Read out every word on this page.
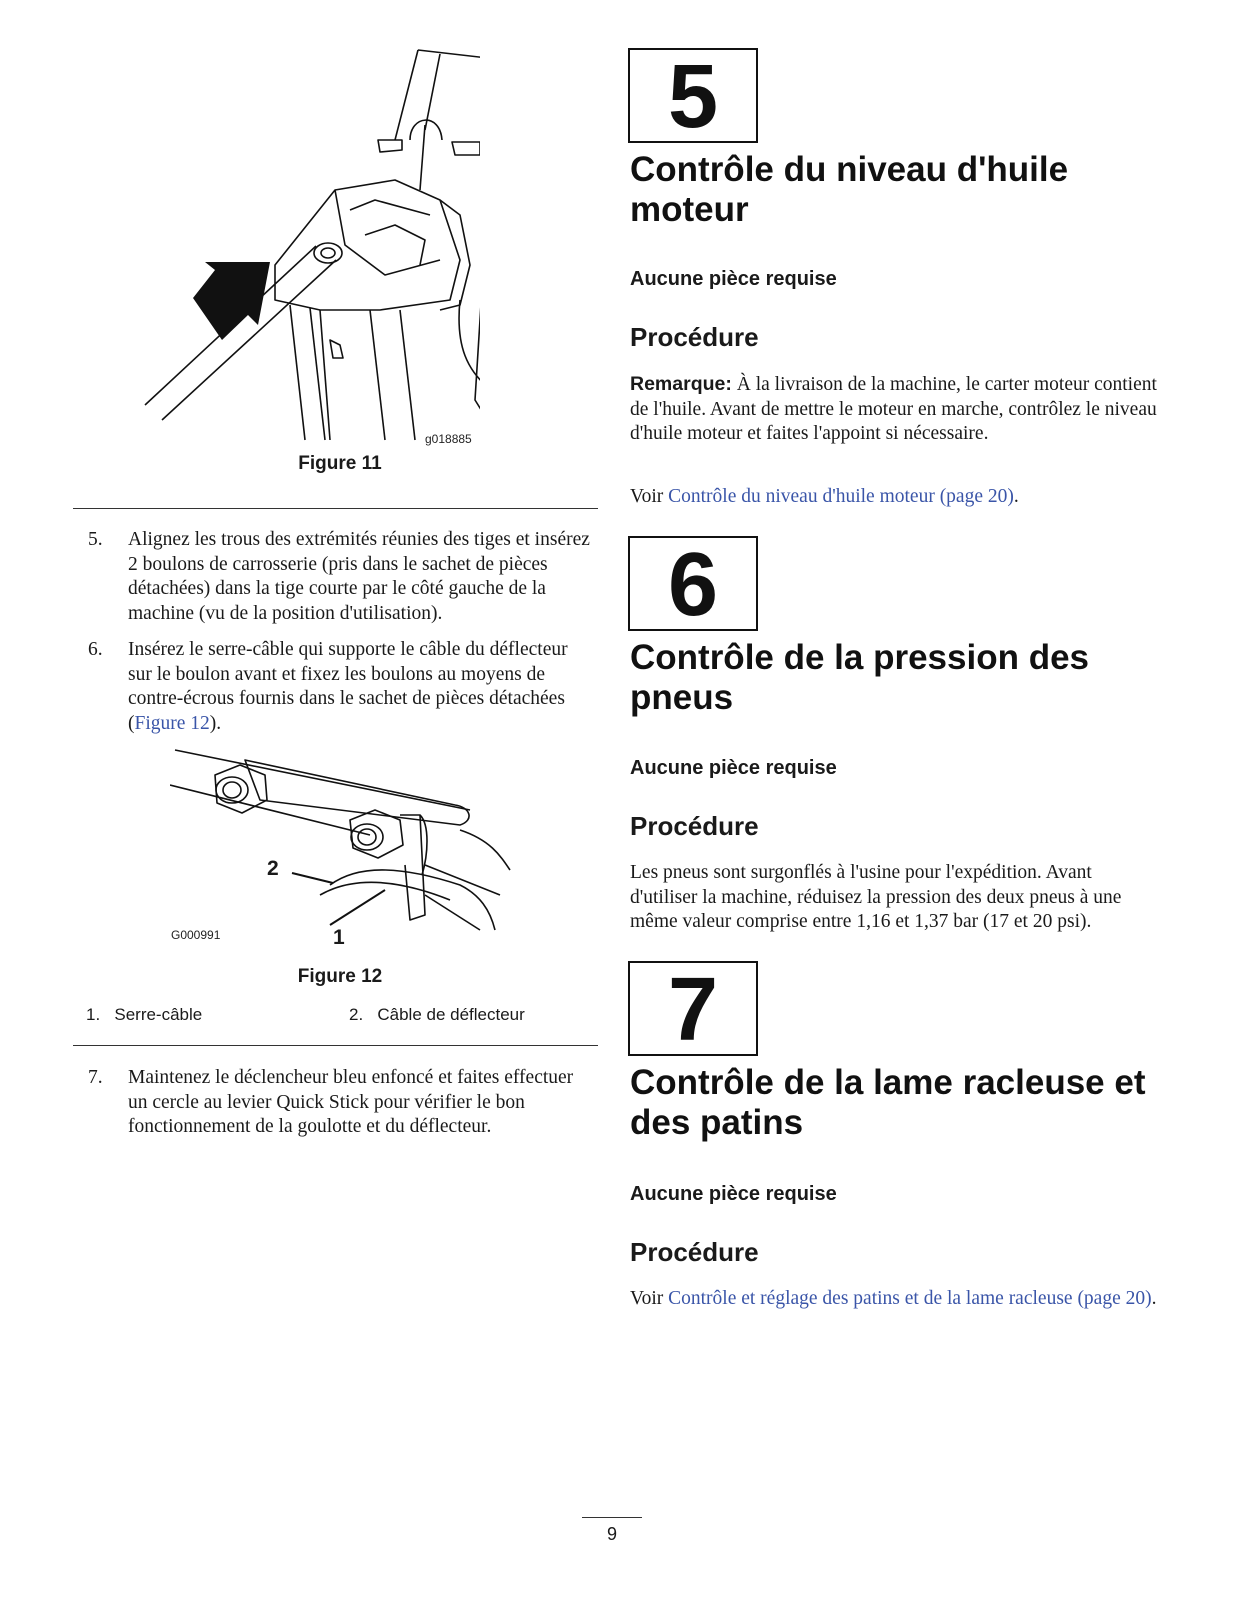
g018885
Figure 11
5.	Alignez les trous des extrémités réunies des tiges et insérez 2 boulons de carrosserie (pris dans le sachet de pièces détachées) dans la tige courte par le côté gauche de la machine (vu de la position d'utilisation).
6.	Insérez le serre-câble qui supporte le câble du déflecteur sur le boulon avant et fixez les boulons au moyens de contre-écrous fournis dans le sachet de pièces détachées (Figure 12).
2
1
G000991
Figure 12
1. Serre-câble	2. Câble de déflecteur
7.	Maintenez le déclencheur bleu enfoncé et faites effectuer un cercle au levier Quick Stick pour vérifier le bon fonctionnement de la goulotte et du déflecteur.
5
Contrôle du niveau d'huile moteur
Aucune pièce requise
Procédure
Remarque: À la livraison de la machine, le carter moteur contient de l'huile. Avant de mettre le moteur en marche, contrôlez le niveau d'huile moteur et faites l'appoint si nécessaire.
Voir Contrôle du niveau d'huile moteur (page 20).
6
Contrôle de la pression des pneus
Aucune pièce requise
Procédure
Les pneus sont surgonflés à l'usine pour l'expédition. Avant d'utiliser la machine, réduisez la pression des deux pneus à une même valeur comprise entre 1,16 et 1,37 bar (17 et 20 psi).
7
Contrôle de la lame racleuse et des patins
Aucune pièce requise
Procédure
Voir Contrôle et réglage des patins et de la lame racleuse (page 20).
9
